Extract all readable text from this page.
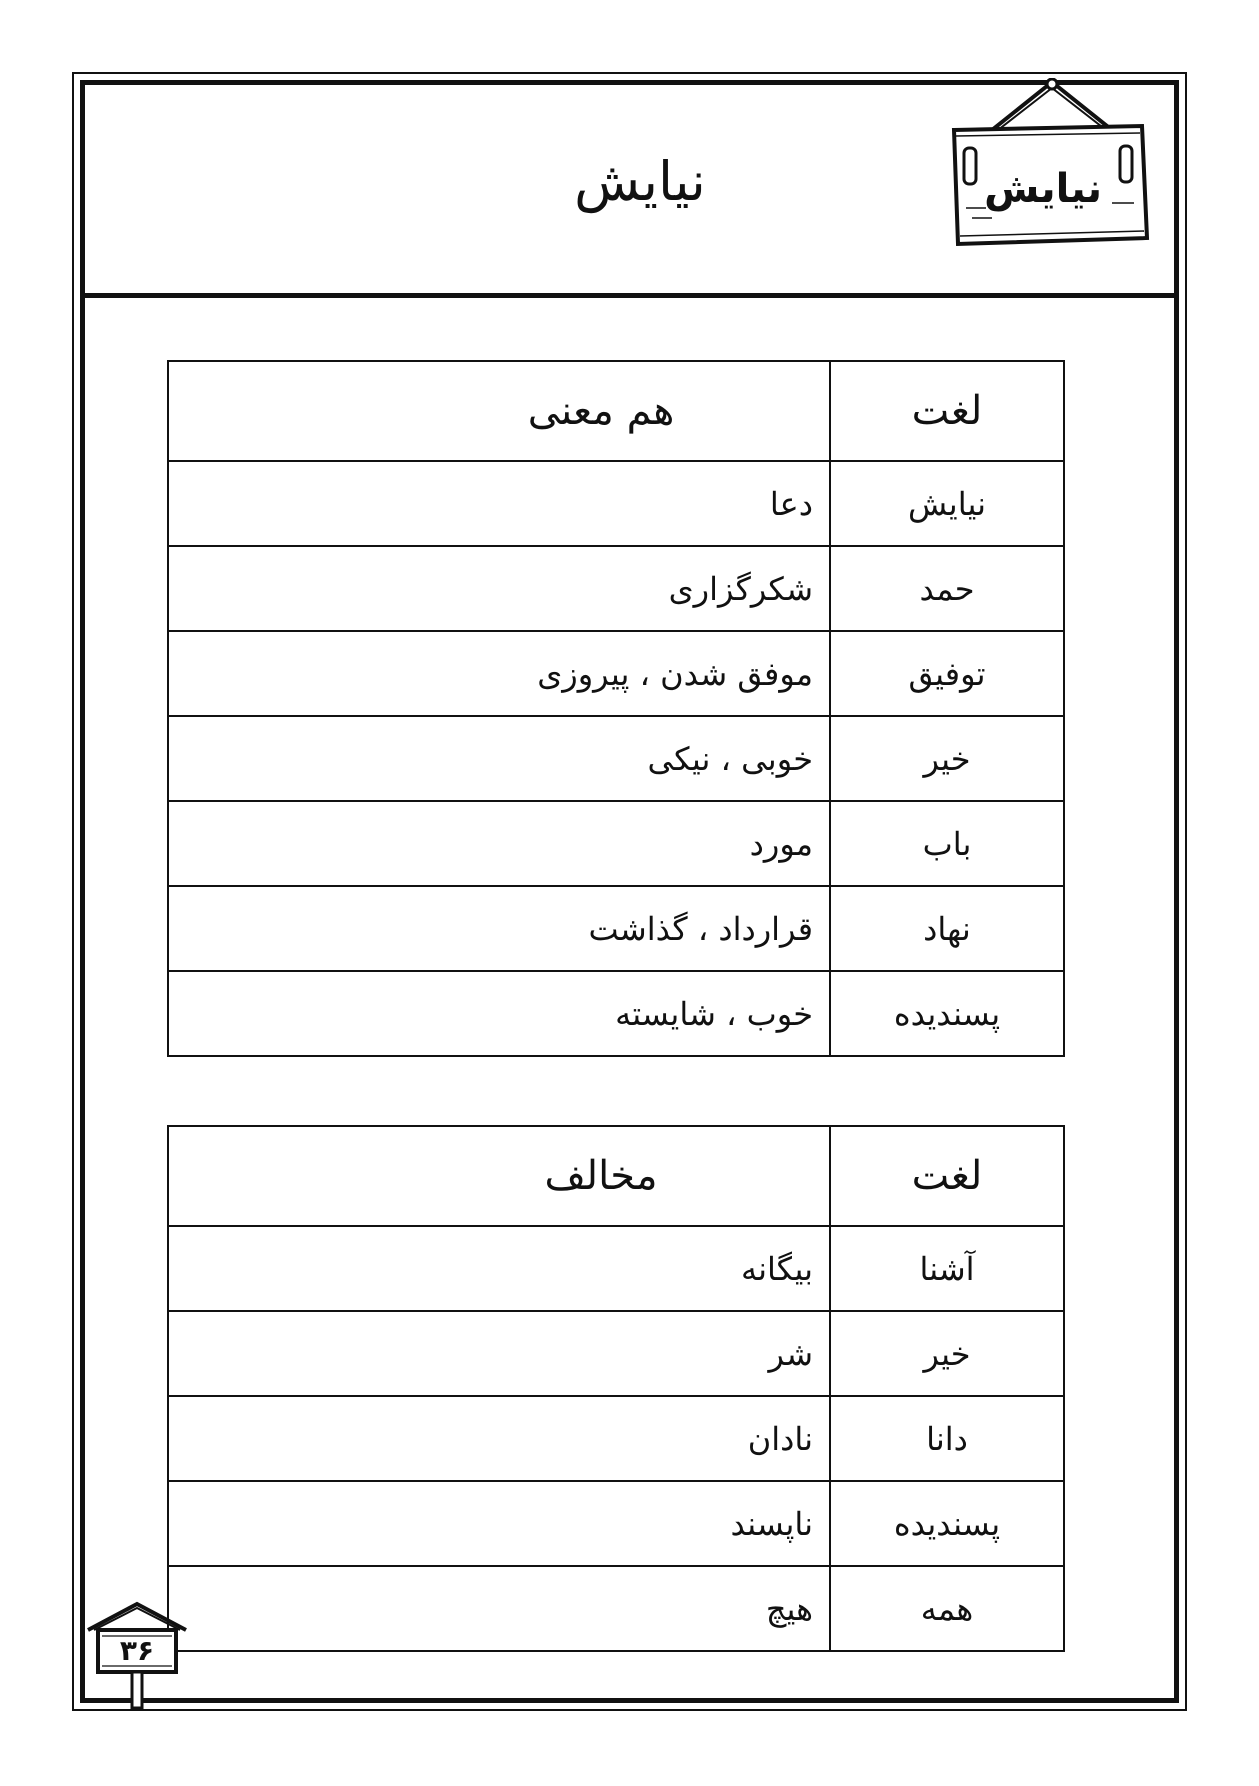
نیایش	نیایش
لغت	هم معنی
نیایش	دعا
حمد	شکرگزاری
توفیق	موفق شدن ، پیروزی
خیر	خوبی ، نیکی
باب	مورد
نهاد	قرارداد ، گذاشت
پسندیده	خوب ، شایسته
لغت	مخالف
آشنا	بیگانه
خیر	شر
دانا	نادان
پسندیده	ناپسند
همه	هیچ
۳۶
